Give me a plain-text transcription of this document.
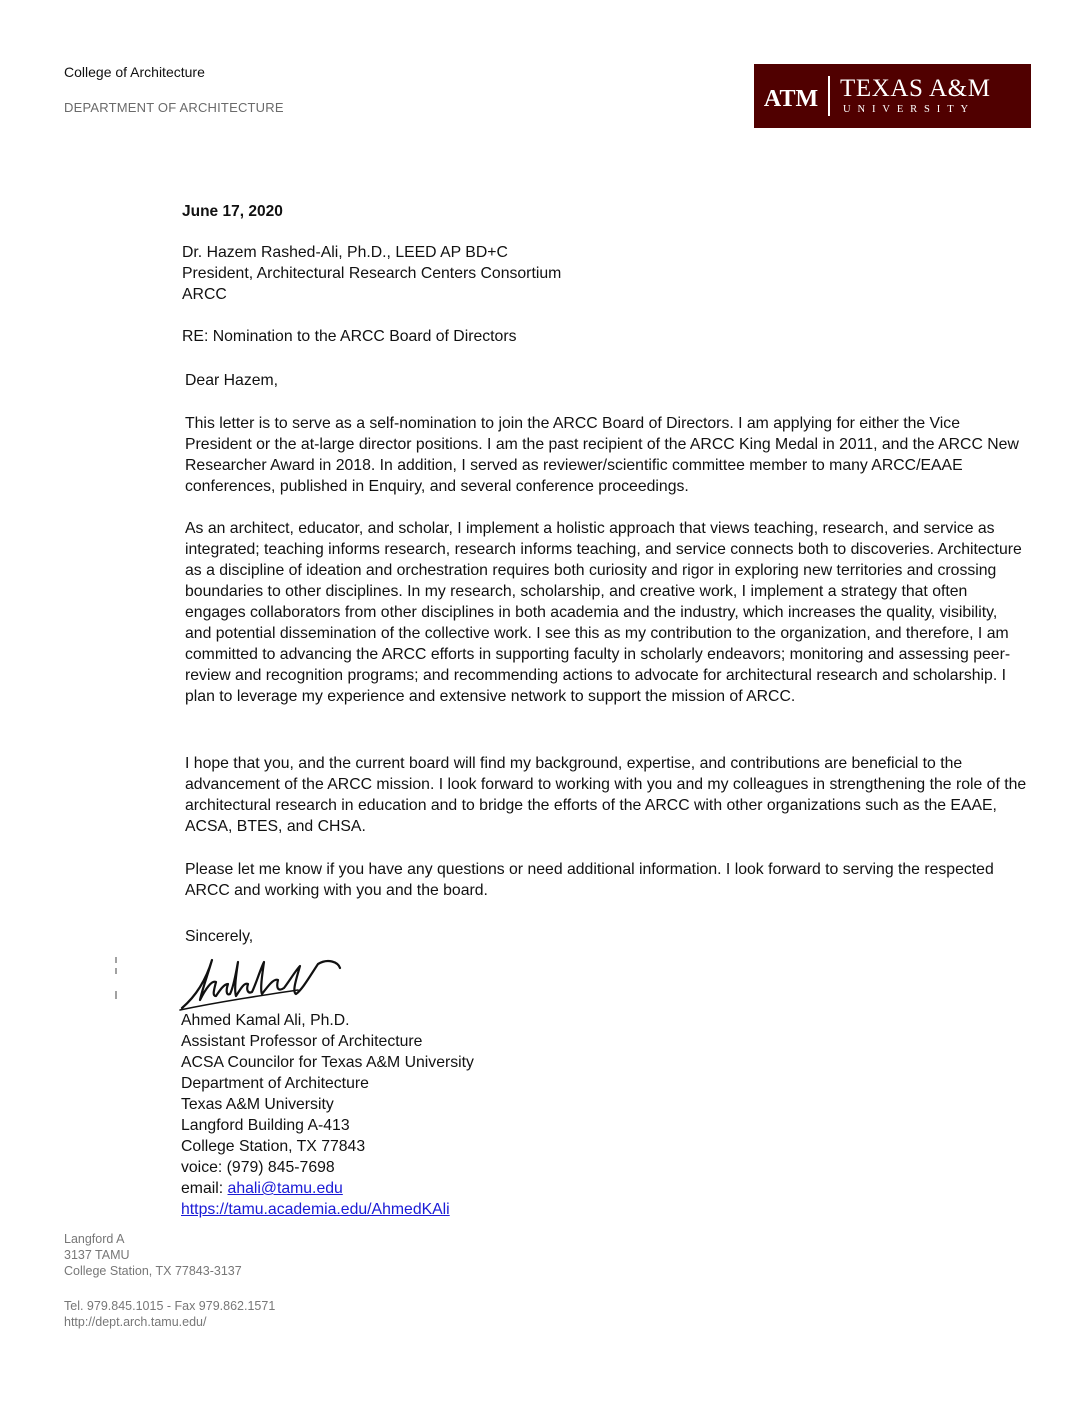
College of Architecture
DEPARTMENT OF ARCHITECTURE	ATM TEXAS A&M
UNIVERSITY
June 17, 2020
Dr. Hazem Rashed-Ali, Ph.D., LEED AP BD+C
President, Architectural Research Centers Consortium
ARCC
RE: Nomination to the ARCC Board of Directors
Dear Hazem,
This letter is to serve as a self-nomination to join the ARCC Board of Directors. I am applying for either the Vice President or the at-large director positions. I am the past recipient of the ARCC King Medal in 2011, and the ARCC New Researcher Award in 2018. In addition, I served as reviewer/scientific committee member to many ARCC/EAAE conferences, published in Enquiry, and several conference proceedings.
As an architect, educator, and scholar, I implement a holistic approach that views teaching, research, and service as integrated; teaching informs research, research informs teaching, and service connects both to discoveries. Architecture as a discipline of ideation and orchestration requires both curiosity and rigor in exploring new territories and crossing boundaries to other disciplines. In my research, scholarship, and creative work, I implement a strategy that often engages collaborators from other disciplines in both academia and the industry, which increases the quality, visibility, and potential dissemination of the collective work. I see this as my contribution to the organization, and therefore, I am committed to advancing the ARCC efforts in supporting faculty in scholarly endeavors; monitoring and assessing peer-review and recognition programs; and recommending actions to advocate for architectural research and scholarship. I plan to leverage my experience and extensive network to support the mission of ARCC.
I hope that you, and the current board will find my background, expertise, and contributions are beneficial to the advancement of the ARCC mission. I look forward to working with you and my colleagues in strengthening the role of the architectural research in education and to bridge the efforts of the ARCC with other organizations such as the EAAE, ACSA, BTES, and CHSA.
Please let me know if you have any questions or need additional information. I look forward to serving the respected ARCC and working with you and the board.
Sincerely,
Ahmed Kamal Ali, Ph.D.
Assistant Professor of Architecture
ACSA Councilor for Texas A&M University
Department of Architecture
Texas A&M University
Langford Building A-413
College Station, TX 77843
voice: (979) 845-7698
email: ahali@tamu.edu
https://tamu.academia.edu/AhmedKAli
Langford A
3137 TAMU
College Station, TX 77843-3137
Tel. 979.845.1015 - Fax 979.862.1571
http://dept.arch.tamu.edu/
